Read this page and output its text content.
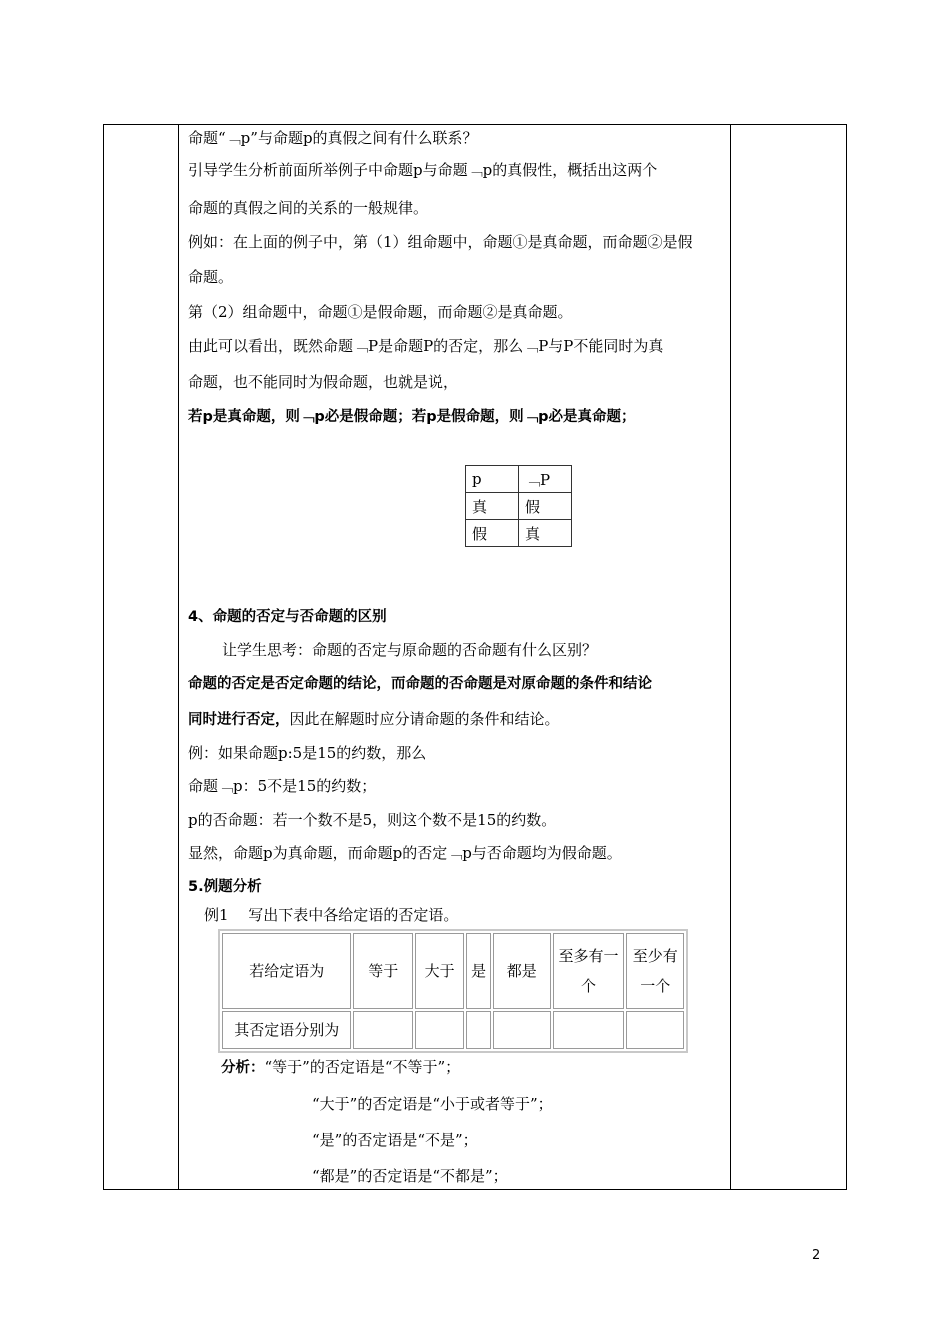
命题“﹁p”与命题p的真假之间有什么联系？
引导学生分析前面所举例子中命题p与命题﹁p的真假性，概括出这两个
命题的真假之间的关系的一般规律。
例如：在上面的例子中，第（1）组命题中，命题①是真命题，而命题②是假
命题。
第（2）组命题中，命题①是假命题，而命题②是真命题。
由此可以看出，既然命题﹁P是命题P的否定，那么﹁P与P不能同时为真
命题，也不能同时为假命题，也就是说，
若p是真命题，则﹁p必是假命题；若p是假命题，则﹁p必是真命题；
p	﹁P
真	假
假	真
4、命题的否定与否命题的区别
让学生思考：命题的否定与原命题的否命题有什么区别？
命题的否定是否定命题的结论，而命题的否命题是对原命题的条件和结论
同时进行否定，因此在解题时应分请命题的条件和结论。
例：如果命题p:5是15的约数，那么
命题﹁p：5不是15的约数；
p的否命题：若一个数不是5，则这个数不是15的约数。
显然，命题p为真命题，而命题p的否定﹁p与否命题均为假命题。
5.例题分析
例1　 写出下表中各给定语的否定语。
若给定语为	等于	大于	是	都是	至多有一个	至少有一个
其否定语分别为						
分析：“等于”的否定语是“不等于”；
“大于”的否定语是“小于或者等于”；
“是”的否定语是“不是”；
“都是”的否定语是“不都是”；
2
